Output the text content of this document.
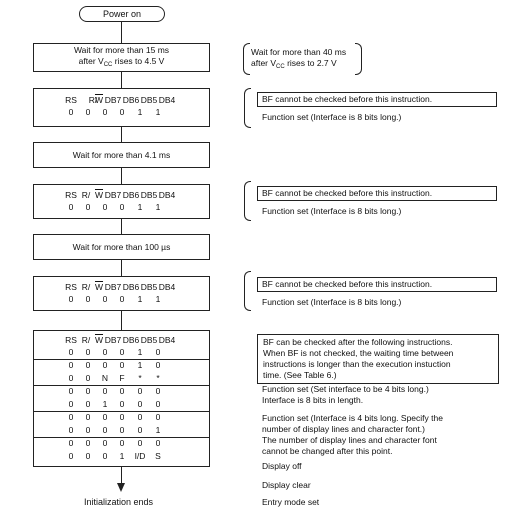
Power on
Wait for more than 15 ms
after $V_{CC}$ rises to 4.5 V
Wait for more than 40 ms
after $V_{CC}$ rises to 2.7 V
RS	R/
$\overline{W}$ DB7 DB6 DB5 DB4
0	0	0	0	1	1
BF cannot be checked before this instruction.
Function set (Interface is 8 bits long.)
Wait for more than 4.1 ms
RS R/ $\overline{W}$ DB7 DB6 DB5 DB4
0	0	0	0	1	1
BF cannot be checked before this instruction.
Function set (Interface is 8 bits long.)
Wait for more than 100 µs
RS R/ $\overline{W}$ DB7 DB6 DB5 DB4
0	0	0	0	1	1
BF cannot be checked before this instruction.
Function set (Interface is 8 bits long.)
RS R/ $\overline{W}$ DB7 DB6 DB5 DB4
0	0	0	0	1	0
0	0	0	0	1	0
0	0	N	F	*	*
0	0	0	0	0	0
0	0	1	0	0	0
0	0	0	0	0	0
0	0	0	0	0	1
0	0	0	0	0	0
0	0	0	1	I/D	S
BF can be checked after the following instructions.
When BF is not checked, the waiting time between
instructions is longer than the execution instuction
time. (See Table 6.)
Function set (Set interface to be 4 bits long.)
Interface is 8 bits in length.
Function set (Interface is 4 bits long. Specify the
number of display lines and character font.)
The number of display lines and character font
cannot be changed after this point.
Display off
Display clear
Entry mode set
Initialization ends
